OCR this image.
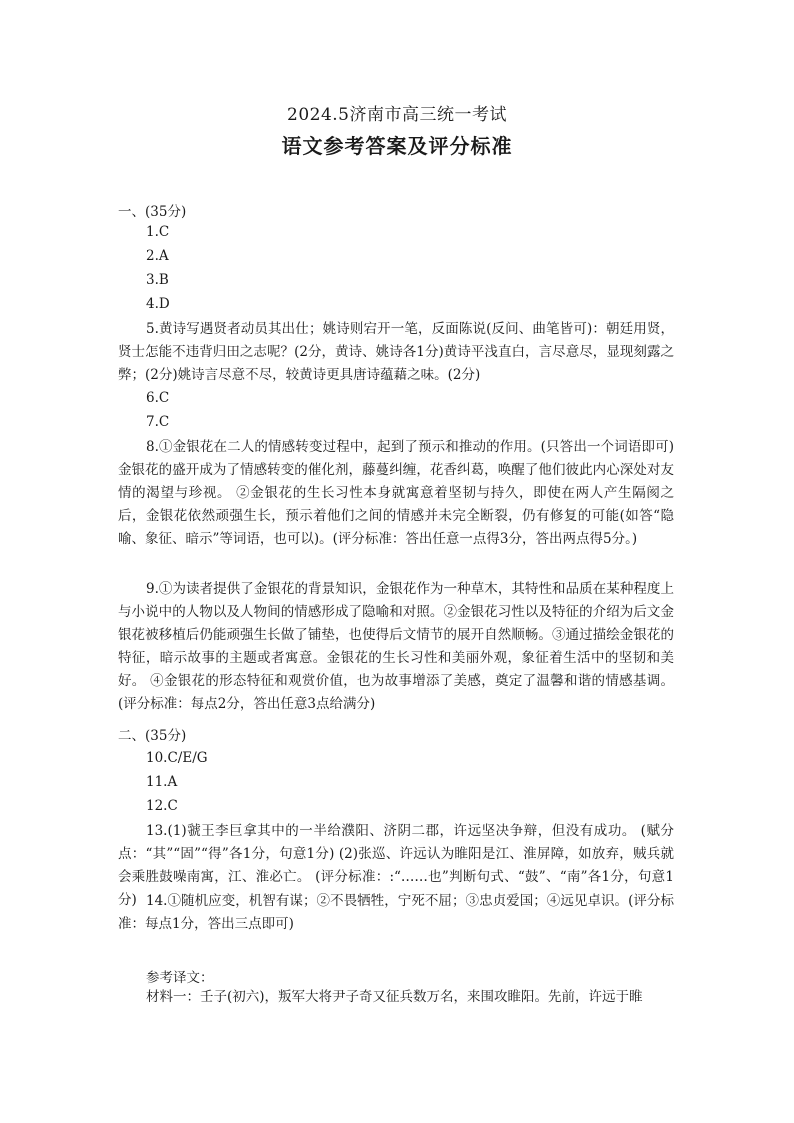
2024.5济南市高三统一考试
语文参考答案及评分标准
一、(35分)
1.C
2.A
3.B
4.D
5.黄诗写遇贤者动员其出仕；姚诗则宕开一笔，反面陈说(反问、曲笔皆可)：朝廷用贤，贤士怎能不违背归田之志呢？(2分，黄诗、姚诗各1分)黄诗平浅直白，言尽意尽，显现刻露之弊；(2分)姚诗言尽意不尽，较黄诗更具唐诗蕴藉之味。(2分)
6.C
7.C
8.①金银花在二人的情感转变过程中，起到了预示和推动的作用。(只答出一个词语即可)金银花的盛开成为了情感转变的催化剂，藤蔓纠缠，花香纠葛，唤醒了他们彼此内心深处对友情的渴望与珍视。 ②金银花的生长习性本身就寓意着坚韧与持久，即使在两人产生隔阂之后，金银花依然顽强生长，预示着他们之间的情感并未完全断裂，仍有修复的可能(如答“隐喻、象征、暗示”等词语，也可以)。(评分标准：答出任意一点得3分，答出两点得5分。)
9.①为读者提供了金银花的背景知识，金银花作为一种草木，其特性和品质在某种程度上与小说中的人物以及人物间的情感形成了隐喻和对照。②金银花习性以及特征的介绍为后文金银花被移植后仍能顽强生长做了铺垫，也使得后文情节的展开自然顺畅。③通过描绘金银花的特征，暗示故事的主题或者寓意。金银花的生长习性和美丽外观，象征着生活中的坚韧和美好。 ④金银花的形态特征和观赏价值，也为故事增添了美感，奠定了温馨和谐的情感基调。 (评分标准：每点2分，答出任意3点给满分)
二、(35分)
10.C/E/G
11.A
12.C
13.(1)虢王李巨拿其中的一半给濮阳、济阴二郡，许远坚决争辩，但没有成功。 (赋分点：“其”“固”“得”各1分，句意1分) (2)张巡、许远认为睢阳是江、淮屏障，如放弃，贼兵就会乘胜鼓噪南寓，江、淮必亡。 (评分标准：:“……也”判断句式、“鼓”、“南”各1分，句意1分) 14.①随机应变，机智有谋；②不畏牺牲，宁死不屈；③忠贞爱国；④远见卓识。(评分标准：每点1分，答出三点即可)
参考译文：
材料一：壬子(初六)，叛军大将尹子奇又征兵数万名，来围攻睢阳。先前，许远于睢
